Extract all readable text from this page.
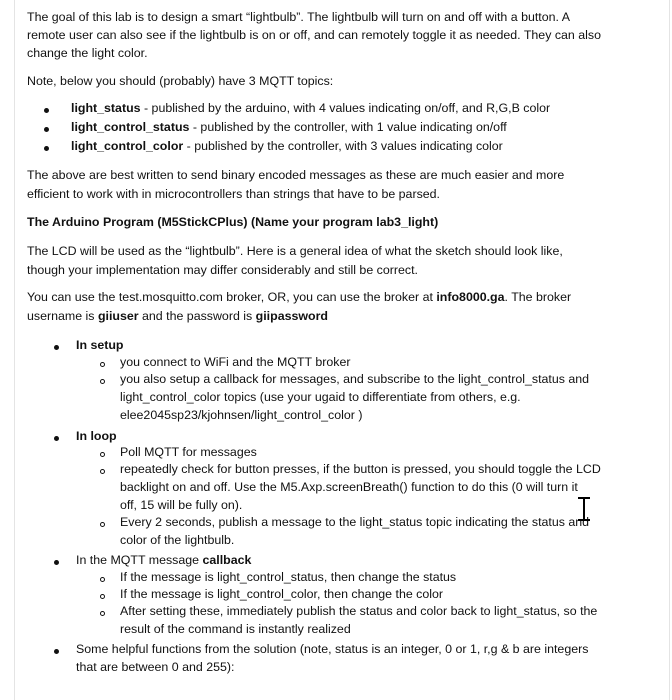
The goal of this lab is to design a smart “lightbulb”. The lightbulb will turn on and off with a button. A
remote user can also see if the lightbulb is on or off, and can remotely toggle it as needed. They can also
change the light color.
Note, below you should (probably) have 3 MQTT topics:
light_status - published by the arduino, with 4 values indicating on/off, and R,G,B color
light_control_status - published by the controller, with 1 value indicating on/off
light_control_color - published by the controller, with 3 values indicating color
The above are best written to send binary encoded messages as these are much easier and more
efficient to work with in microcontrollers than strings that have to be parsed.
The Arduino Program (M5StickCPlus) (Name your program lab3_light)
The LCD will be used as the “lightbulb”. Here is a general idea of what the sketch should look like,
though your implementation may differ considerably and still be correct.
You can use the test.mosquitto.com broker, OR, you can use the broker at info8000.ga. The broker
username is giiuser and the password is giipassword
In setup
you connect to WiFi and the MQTT broker
you also setup a callback for messages, and subscribe to the light_control_status and
light_control_color topics (use your ugaid to differentiate from others, e.g.
elee2045sp23/kjohnsen/light_control_color )
In loop
Poll MQTT for messages
repeatedly check for button presses, if the button is pressed, you should toggle the LCD
backlight on and off. Use the M5.Axp.screenBreath() function to do this (0 will turn it
off, 15 will be fully on).
Every 2 seconds, publish a message to the light_status topic indicating the status and
color of the lightbulb.
In the MQTT message callback
If the message is light_control_status, then change the status
If the message is light_control_color, then change the color
After setting these, immediately publish the status and color back to light_status, so the
result of the command is instantly realized
Some helpful functions from the solution (note, status is an integer, 0 or 1, r,g & b are integers
that are between 0 and 255):
